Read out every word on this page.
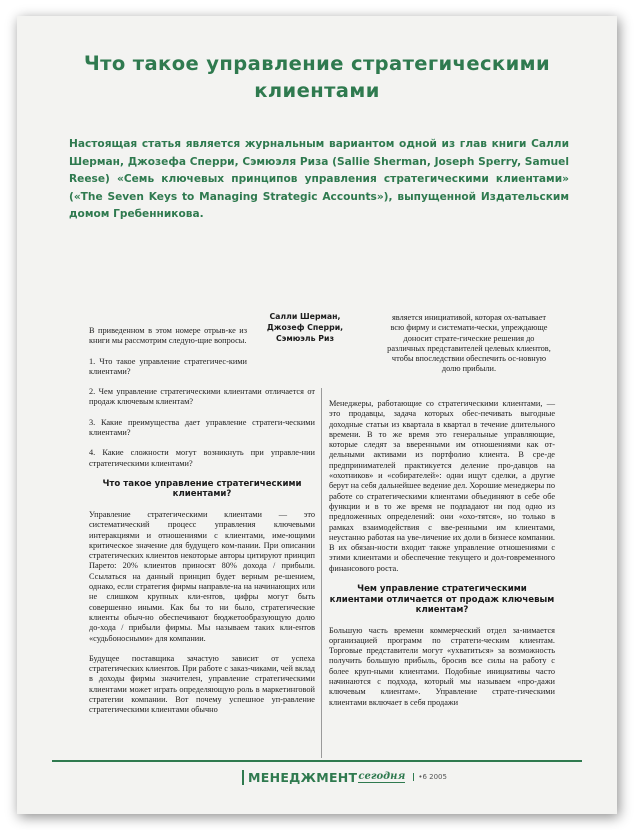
Что такое управление стратегическими клиентами
Настоящая статья является журнальным вариантом одной из глав книги Салли Шерман, Джозефа Сперри, Сэмюэля Риза (Sallie Sherman, Joseph Sperry, Samuel Reese) «Семь ключевых принципов управления стратегическими клиентами» («The Seven Keys to Managing Strategic Accounts»), выпущенной Издательским домом Гребенникова.
Салли Шерман,
Джозеф Сперри,
Сэмюэль Риз

В приведенном в этом номере отрыв-ке из книги мы рассмотрим следую-щие вопросы.

1. Что такое управление стратегичес-кими клиентами?

2. Чем управление стратегическими клиентами отличается от продаж ключевым клиентам?

3. Какие преимущества дает управление стратеги-ческими клиентами?

4. Какие сложности могут возникнуть при управле-нии стратегическими клиентами?

Что такое управление стратегическими клиентами?

Управление стратегическими клиентами — это систематический процесс управления ключевыми интеракциями и отношениями с клиентами, име-ющими критическое значение для будущего ком-пании. При описании стратегических клиентов некоторые авторы цитируют принцип Парето: 20% клиентов приносят 80% дохода / прибыли. Ссылаться на данный принцип будет верным ре-шением, однако, если стратегия фирмы направле-на на начинающих или не слишком крупных кли-ентов, цифры могут быть совершенно иными. Как бы то ни было, стратегические клиенты обыч-но обеспечивают бюджетообразующую долю до-хода / прибыли фирмы. Мы называем таких кли-ентов «судьбоносными» для компании.

Будущее поставщика зачастую зависит от успеха стратегических клиентов. При работе с заказ-чиками, чей вклад в доходы фирмы значителен, управление стратегическими клиентами может играть определяющую роль в маркетинговой стратегии компании. Вот почему успешное уп-равление стратегическими клиентами обычно

является инициативой, которая ох-ватывает всю фирму и системати-чески, упреждающе доносит страте-гические решения до различных представителей целевых клиентов, чтобы впоследствии обеспечить ос-новную долю прибыли.

Менеджеры, работающие со стратегическими клиентами, — это продавцы, задача которых обес-печивать выгодные доходные статьи из квартала в квартал в течение длительного времени. В то же время это генеральные управляющие, которые следят за вверенными им отношениями как от-дельными активами из портфолио клиента. В сре-де предпринимателей практикуется деление про-давцов на «охотников» и «собирателей»: одни ищут сделки, а другие берут на себя дальнейшее ведение дел. Хорошие менеджеры по работе со стратегическими клиентами объединяют в себе обе функции и в то же время не подпадают ни под одно из предложенных определений: они «охо-тятся», но только в рамках взаимодействия с вве-ренными им клиентами, неустанно работая на уве-личение их доли в бизнесе компании. В их обязан-ности входит также управление отношениями с этими клиентами и обеспечение текущего и дол-говременного финансового роста.

Чем управление стратегическими клиентами отличается от продаж ключевым клиентам?

Большую часть времени коммерческий отдел за-нимается организацией программ по стратеги-ческим клиентам. Торговые представители могут «ухватиться» за возможность получить большую прибыль, бросив все силы на работу с более круп-ными клиентами. Подобные инициативы часто начинаются с подхода, который мы называем «про-дажи ключевым клиентам». Управление страте-гическими клиентами включает в себя продажи

МЕНЕДЖМЕНТ сегодня	•6 2005
